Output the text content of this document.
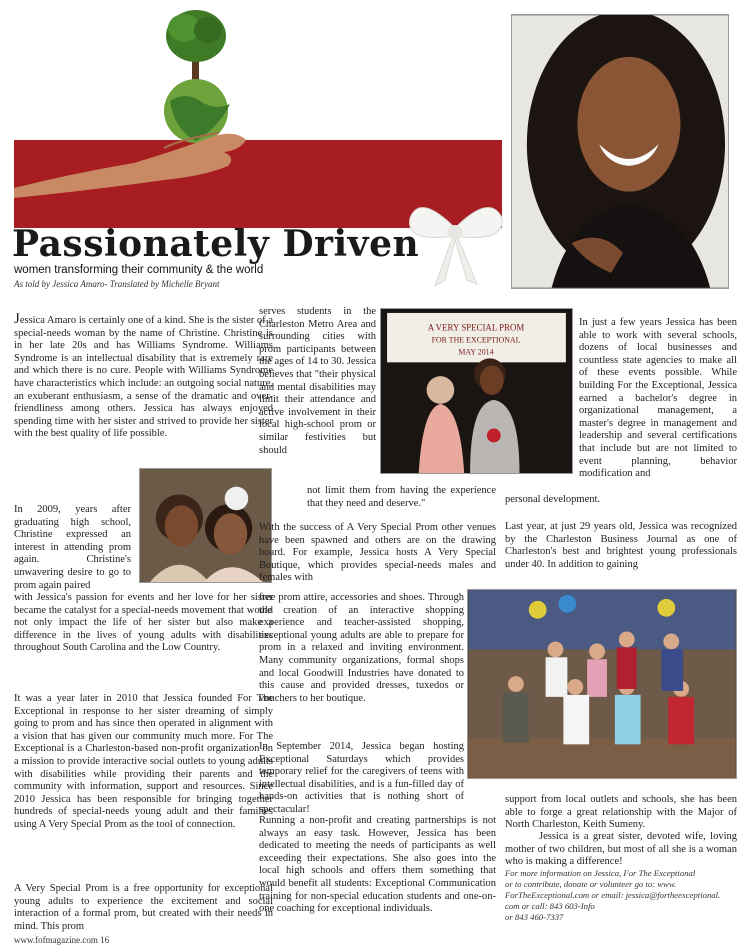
Passionately Driven
women transforming their community & the world
As told by Jessica Amaro- Translated by Michelle Bryant
A VERY SPECIAL PROM
FOR THE EXCEPTIONAL
MAY 2014
Jessica Amaro is certainly one of a kind. She is the sister of a special-needs woman by the name of Christine. Christine is in her late 20s and has Williams Syndrome. Williams Syndrome is an intellectual disability that is extremely rare and which there is no cure. People with Williams Syndrome have characteristics which include: an outgoing social nature, an exuberant enthusiasm, a sense of the dramatic and over-friendliness among others. Jessica has always enjoyed spending time with her sister and strived to provide her sister with the best quality of life possible.
In 2009, years after graduating high school, Christine expressed an interest in attending prom again. Christine's unwavering desire to go to prom again paired
with Jessica's passion for events and her love for her sister became the catalyst for a special-needs movement that would not only impact the life of her sister but also make a difference in the lives of young adults with disabilities throughout South Carolina and the Low Country.
It was a year later in 2010 that Jessica founded For The Exceptional in response to her sister dreaming of simply going to prom and has since then operated in alignment with a vision that has given our community much more. For The Exceptional is a Charleston-based non-profit organization on a mission to provide interactive social outlets to young adults with disabilities while providing their parents and the community with information, support and resources. Since 2010 Jessica has been responsible for bringing together hundreds of special-needs young adult and their families using A Very Special Prom as the tool of connection.
A Very Special Prom is a free opportunity for exceptional young adults to experience the excitement and social interaction of a formal prom, but created with their needs in mind. This prom
serves students in the Charleston Metro Area and surrounding cities with prom participants between the ages of 14 to 30. Jessica believes that "their physical and mental disabilities may limit their attendance and active involvement in their local high-school prom or similar festivities but should
not limit them from having the experience that they need and deserve."
With the success of A Very Special Prom other venues have been spawned and others are on the drawing board. For example, Jessica hosts A Very Special Boutique, which provides special-needs males and females with
free prom attire, accessories and shoes. Through the creation of an interactive shopping experience and teacher-assisted shopping, exceptional young adults are able to prepare for prom in a relaxed and inviting environment. Many community organizations, formal shops and local Goodwill Industries have donated to this cause and provided dresses, tuxedos or vouchers to her boutique.
In September 2014, Jessica began hosting Exceptional Saturdays which provides temporary relief for the caregivers of teens with intellectual disabilities, and is a fun-filled day of hands-on activities that is nothing short of spectacular!
Running a non-profit and creating partnerships is not always an easy task. However, Jessica has been dedicated to meeting the needs of participants as well exceeding their expectations. She also goes into the local high schools and offers them something that would benefit all students: Exceptional Communication training for non-special education students and one-on-one coaching for exceptional individuals.
In just a few years Jessica has been able to work with several schools, dozens of local businesses and countless state agencies to make all of these events possible. While building For the Exceptional, Jessica earned a bachelor's degree in organizational management, a master's degree in management and leadership and several certifications that include but are not limited to event planning, behavior modification and
personal development.
Last year, at just 29 years old, Jessica was recognized by the Charleston Business Journal as one of Charleston's best and brightest young professionals under 40. In addition to gaining
support from local outlets and schools, she has been able to forge a great relationship with the Major of North Charleston, Keith Sumeny.
Jessica is a great sister, devoted wife, loving mother of two children, but most of all she is a woman who is making a difference!
For more information on Jessica, For The Exceptional
or to contribute, donate or volunteer go to: www.
ForTheExceptional.com or email: jessica@fortheexceptional.
com or call: 843 603-Info
or 843 460-7337
www.fofmagazine.com 16
